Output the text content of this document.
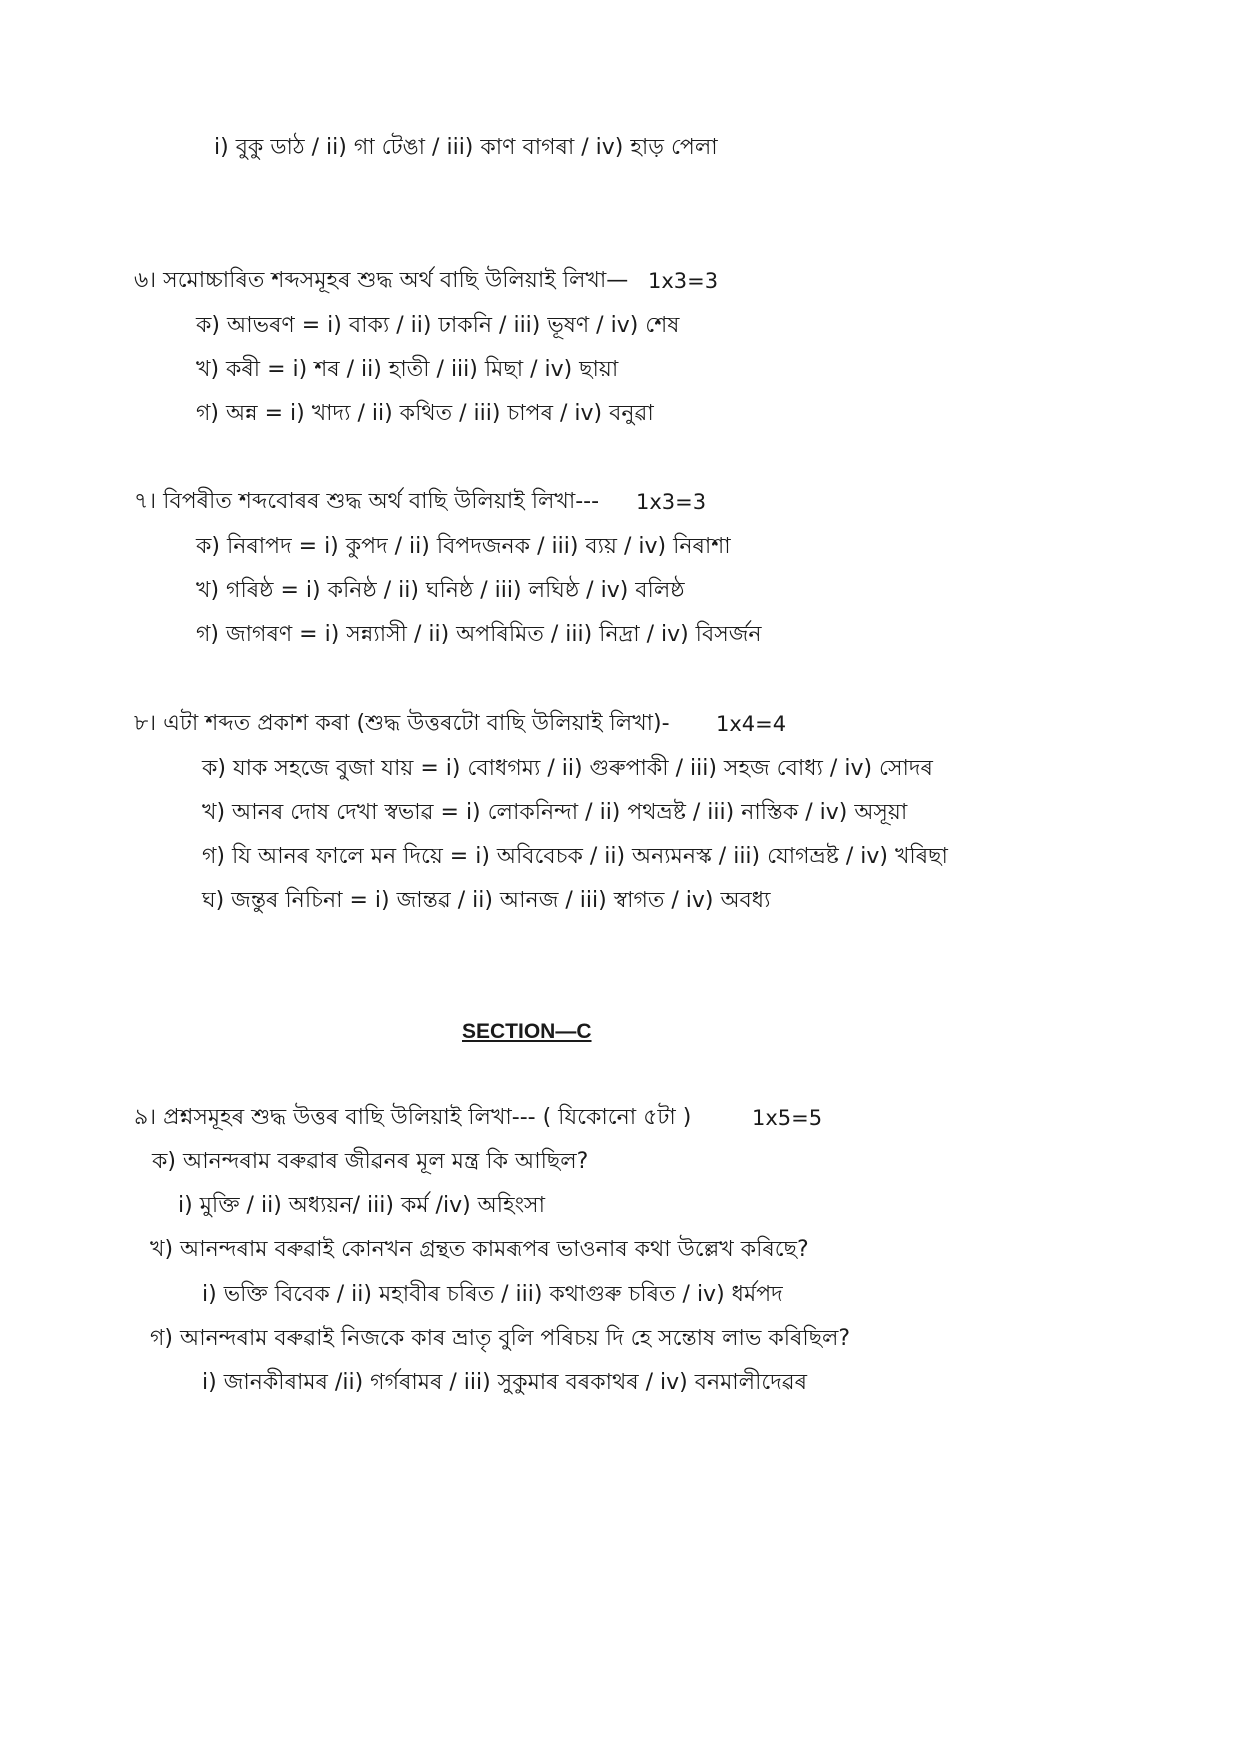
i) বুকু ডাঠ / ii) গা টেঙা / iii) কাণ বাগৰা / iv) হাড় পেলা
৬। সমোচ্চাৰিত শব্দসমূহৰ শুদ্ধ অৰ্থ বাছি উলিয়াই লিখা— 1x3=3
ক) আভৰণ = i) বাক্য / ii) ঢাকনি / iii) ভূষণ / iv) শেষ
খ) কৰী = i) শৰ / ii) হাতী / iii) মিছা / iv) ছায়া
গ) অন্ন = i) খাদ্য / ii) কথিত / iii) চাপৰ / iv) বনুৱা
৭। বিপৰীত শব্দবোৰৰ শুদ্ধ অৰ্থ বাছি উলিয়াই লিখা--- 1x3=3
ক) নিৰাপদ = i) কুপদ / ii) বিপদজনক / iii) ব্যয় / iv) নিৰাশা
খ) গৰিষ্ঠ = i) কনিষ্ঠ / ii) ঘনিষ্ঠ / iii) লঘিষ্ঠ / iv) বলিষ্ঠ
গ) জাগৰণ = i) সন্ন্যাসী / ii) অপৰিমিত / iii) নিদ্ৰা / iv) বিসৰ্জন
৮। এটা শব্দত প্ৰকাশ কৰা (শুদ্ধ উত্তৰটো বাছি উলিয়াই লিখা)- 1x4=4
ক) যাক সহজে বুজা যায় = i) বোধগম্য / ii) গুৰুপাকী / iii) সহজ বোধ্য / iv) সোদৰ
খ) আনৰ দোষ দেখা স্বভাৱ = i) লোকনিন্দা / ii) পথভ্ৰষ্ট / iii) নাস্তিক / iv) অসূয়া
গ) যি আনৰ ফালে মন দিয়ে = i) অবিবেচক / ii) অন্যমনস্ক / iii) যোগভ্ৰষ্ট / iv) খৰিছা
ঘ) জন্তুৰ নিচিনা = i) জান্তৱ / ii) আনজ / iii) স্বাগত / iv) অবধ্য
SECTION—C
৯। প্ৰশ্নসমূহৰ শুদ্ধ উত্তৰ বাছি উলিয়াই লিখা--- ( যিকোনো ৫টা )	1x5=5
ক) আনন্দৰাম বৰুৱাৰ জীৱনৰ মূল মন্ত্ৰ কি আছিল?
i) মুক্তি / ii) অধ্যয়ন/ iii) কৰ্ম /iv) অহিংসা
খ) আনন্দৰাম বৰুৱাই কোনখন গ্ৰন্থত কামৰূপৰ ভাওনাৰ কথা উল্লেখ কৰিছে?
i) ভক্তি বিবেক / ii) মহাবীৰ চৰিত / iii) কথাগুৰু চৰিত / iv) ধৰ্মপদ
গ) আনন্দৰাম বৰুৱাই নিজকে কাৰ ভ্ৰাতৃ বুলি পৰিচয় দি হে সন্তোষ লাভ কৰিছিল?
i) জানকীৰামৰ /ii) গৰ্গৰামৰ / iii) সুকুমাৰ বৰকাথৰ / iv) বনমালীদেৱৰ
